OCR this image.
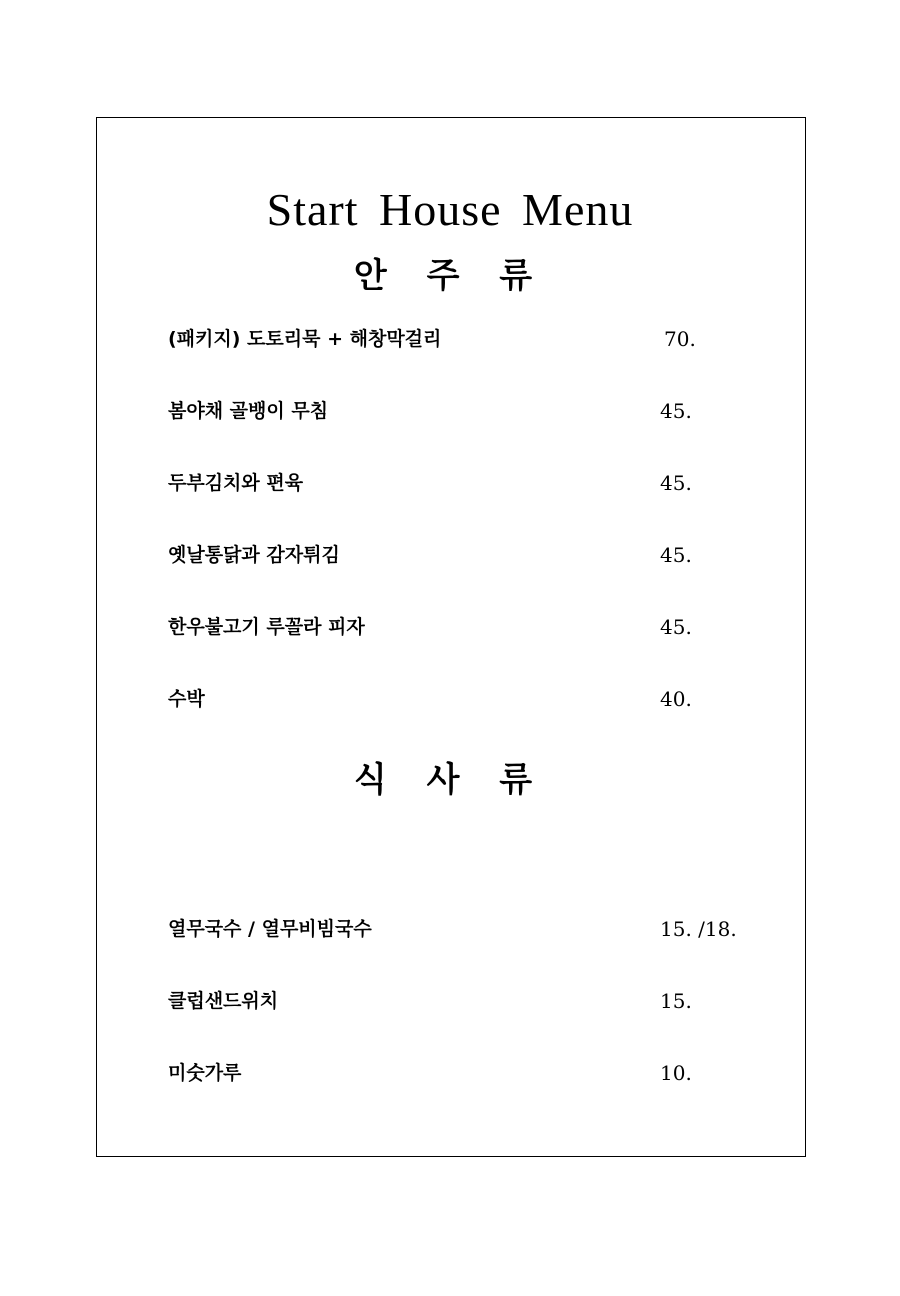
Start House Menu
안 주 류
(패키지) 도토리묵 + 해창막걸리	70.
봄야채 골뱅이 무침	45.
두부김치와 편육	45.
옛날통닭과 감자튀김	45.
한우불고기 루꼴라 피자	45.
수박	40.
식 사 류
열무국수 / 열무비빔국수	15. /18.
클럽샌드위치	15.
미숫가루	10.
